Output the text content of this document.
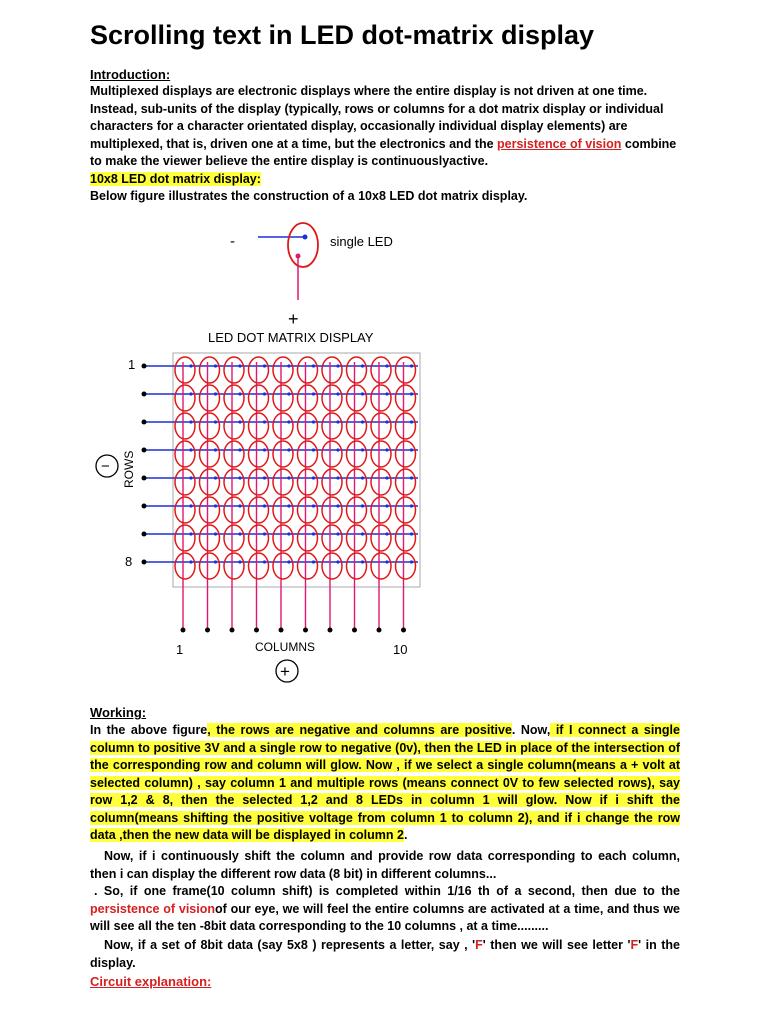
Scrolling text in LED dot-matrix display
Introduction:
Multiplexed displays are electronic displays where the entire display is not driven at one time. Instead, sub-units of the display (typically, rows or columns for a dot matrix display or individual characters for a character orientated display, occasionally individual display elements) are multiplexed, that is, driven one at a time, but the electronics and the persistence of vision combine to make the viewer believe the entire display is continuouslyactive.
10x8 LED dot matrix display:
Below figure illustrates the construction of a 10x8 LED dot matrix display.
-	single LED
+
LED DOT MATRIX DISPLAY
1
8
− ROWS
1	COLUMNS	10
+
Working:
In the above figure, the rows are negative and columns are positive. Now, if I connect a single column to positive 3V and a single row to negative (0v), then the LED in place of the intersection of the corresponding row and column will glow. Now , if we select a single column(means a + volt at selected column) , say column 1 and multiple rows (means connect 0V to few selected rows), say row 1,2 & 8, then the selected 1,2 and 8 LEDs in column 1 will glow. Now if i shift the column(means shifting the positive voltage from column 1 to column 2), and if i change the row data ,then the new data will be displayed in column 2.
Now, if i continuously shift the column and provide row data corresponding to each column, then i can display the different row data (8 bit) in different columns...
. So, if one frame(10 column shift) is completed within 1/16 th of a second, then due to the persistence of visionof our eye, we will feel the entire columns are activated at a time, and thus we will see all the ten -8bit data corresponding to the 10 columns , at a time.........
Now, if a set of 8bit data (say 5x8 ) represents a letter, say , 'F' then we will see letter 'F' in the display.
Circuit explanation:
